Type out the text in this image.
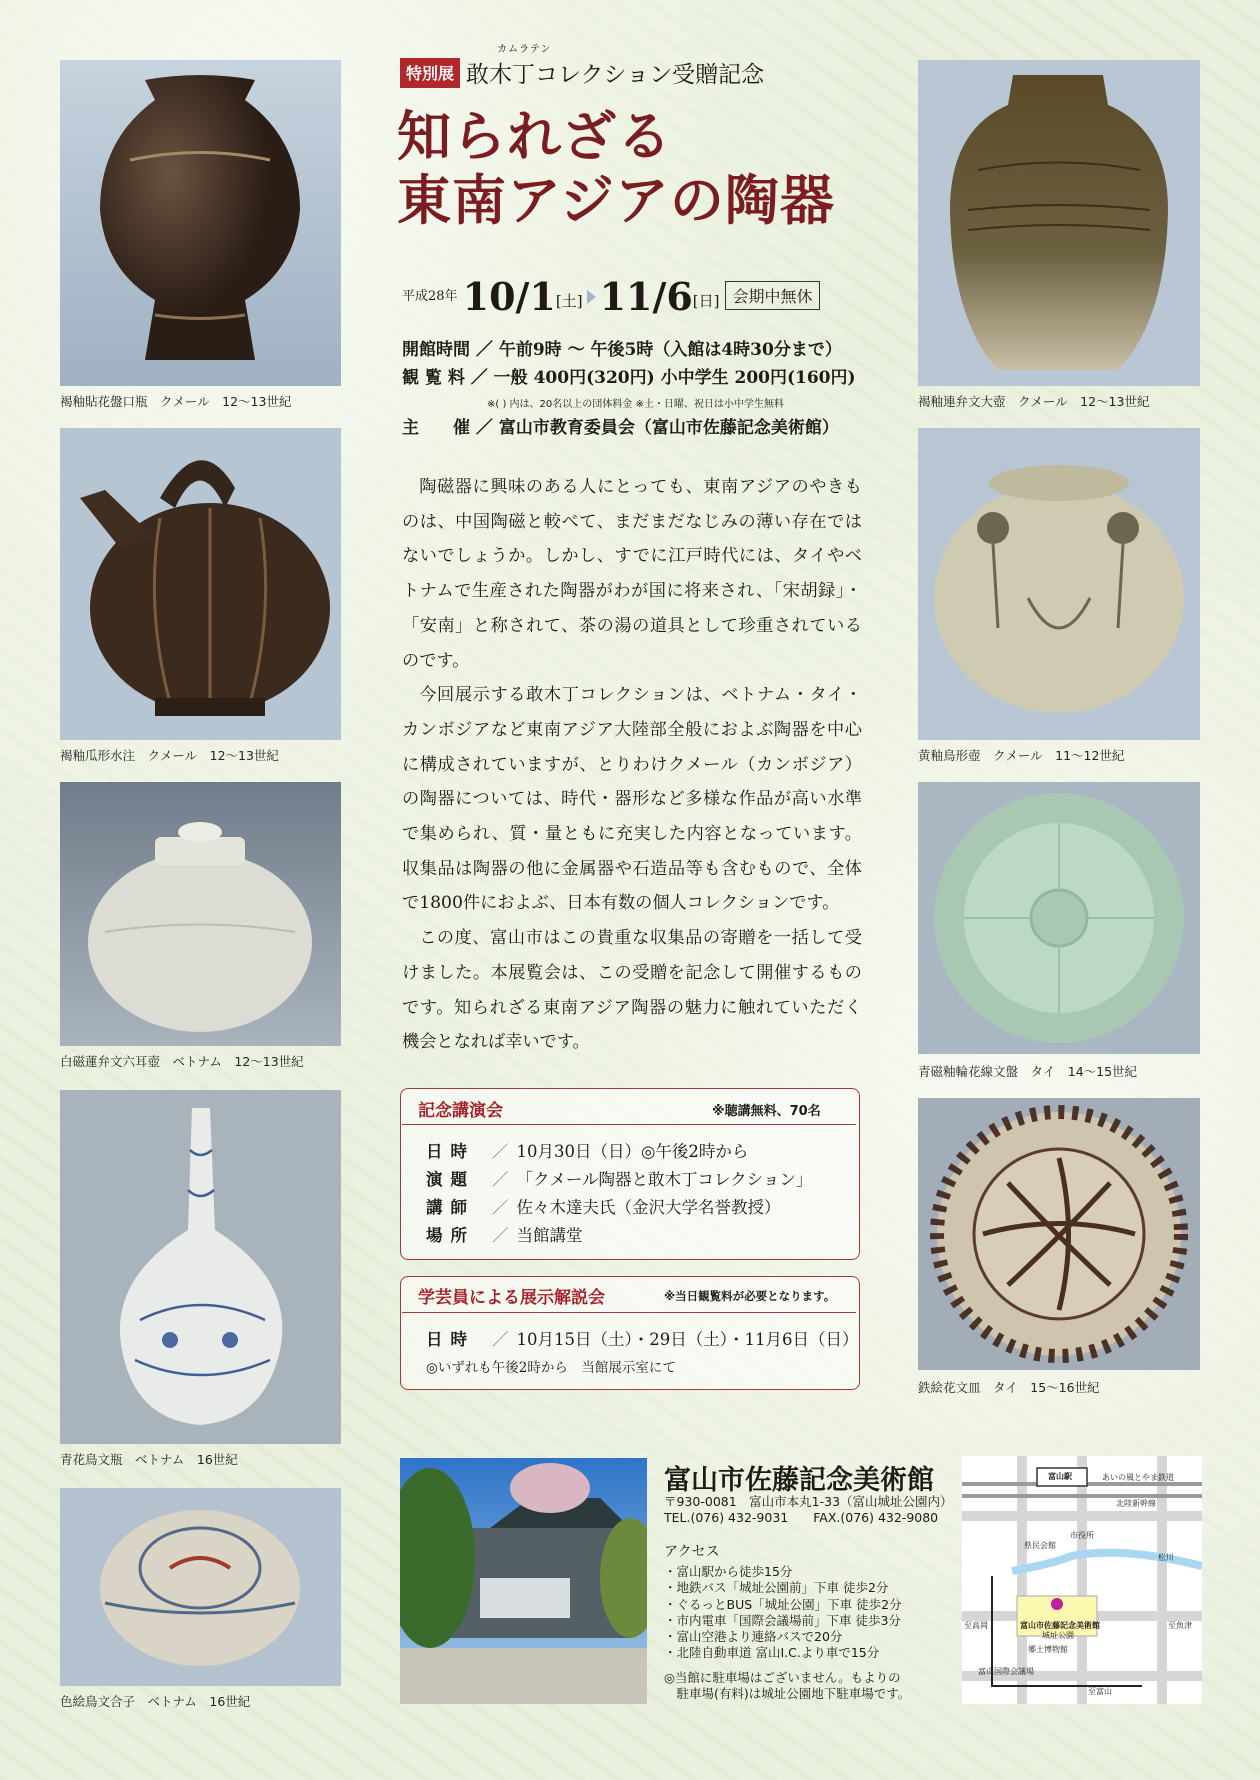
褐釉貼花盤口瓶　クメール　12〜13世紀
褐釉瓜形水注　クメール　12〜13世紀
白磁蓮弁文六耳壺　ベトナム　12〜13世紀
青花鳥文瓶　ベトナム　16世紀
色絵鳥文合子　ベトナム　16世紀
褐釉連弁文大壺　クメール　12〜13世紀
黄釉鳥形壺　クメール　11〜12世紀
青磁釉輪花線文盤　タイ　14〜15世紀
鉄絵花文皿　タイ　15〜16世紀
カムラテン
特別展 敢木丁コレクション受贈記念
知られざる
東南アジアの陶器
$^{平成28年}$ 10/1[土] 11/6[日] 会期中無休
開館時間 ／ 午前9時 〜 午後5時（入館は4時30分まで）
観 覧 料 ／ 一般 400円(320円) 小中学生 200円(160円)
※( ) 内は、20名以上の団体料金 ※土・日曜、祝日は小中学生無料
主　　催 ／ 富山市教育委員会（富山市佐藤記念美術館）

陶磁器に興味のある人にとっても、東南アジアのやきものは、中国陶磁と較べて、まだまだなじみの薄い存在ではないでしょうか。しかし、すでに江戸時代には、タイやベトナムで生産された陶器がわが国に将来され、「宋胡録」・「安南」と称されて、茶の湯の道具として珍重されているのです。

今回展示する敢木丁コレクションは、ベトナム・タイ・カンボジアなど東南アジア大陸部全般におよぶ陶器を中心に構成されていますが、とりわけクメール（カンボジア）の陶器については、時代・器形など多様な作品が高い水準で集められ、質・量ともに充実した内容となっています。収集品は陶器の他に金属器や石造品等も含むもので、全体で1800件におよぶ、日本有数の個人コレクションです。

この度、富山市はこの貴重な収集品の寄贈を一括して受けました。本展覧会は、この受贈を記念して開催するものです。知られざる東南アジア陶器の魅力に触れていただく機会となれば幸いです。

記念講演会	※聴講無料、70名
日時 ／ 10月30日（日）◎午後2時から
演題 ／ 「クメール陶器と敢木丁コレクション」
講師 ／ 佐々木達夫氏（金沢大学名誉教授）
場所 ／ 当館講堂
学芸員による展示解説会	※当日観覧料が必要となります。
日時 ／ 10月15日（土）・29日（土）・11月6日（日）
◎いずれも午後2時から　当館展示室にて
富山市佐藤記念美術館
〒930-0081　富山市本丸1-33（富山城址公園内）
TEL.(076) 432-9031　　FAX.(076) 432-9080
アクセス
・富山駅から徒歩15分
・地鉄バス「城址公園前」下車 徒歩2分
・ぐるっとBUS「城址公園」下車 徒歩2分
・市内電車「国際会議場前」下車 徒歩3分
・富山空港より連絡バスで20分
・北陸自動車道 富山I.C.より車で15分
◎当館に駐車場はございません。もよりの
　駐車場(有料)は城址公園地下駐車場です。
富山駅	あいの風とやま鉄道
北陸新幹線
県民会館
市役所
松川
富山市佐藤記念美術館
城址公園
郷土博物館
至高岡	至魚津
富山国際会議場
至富山
